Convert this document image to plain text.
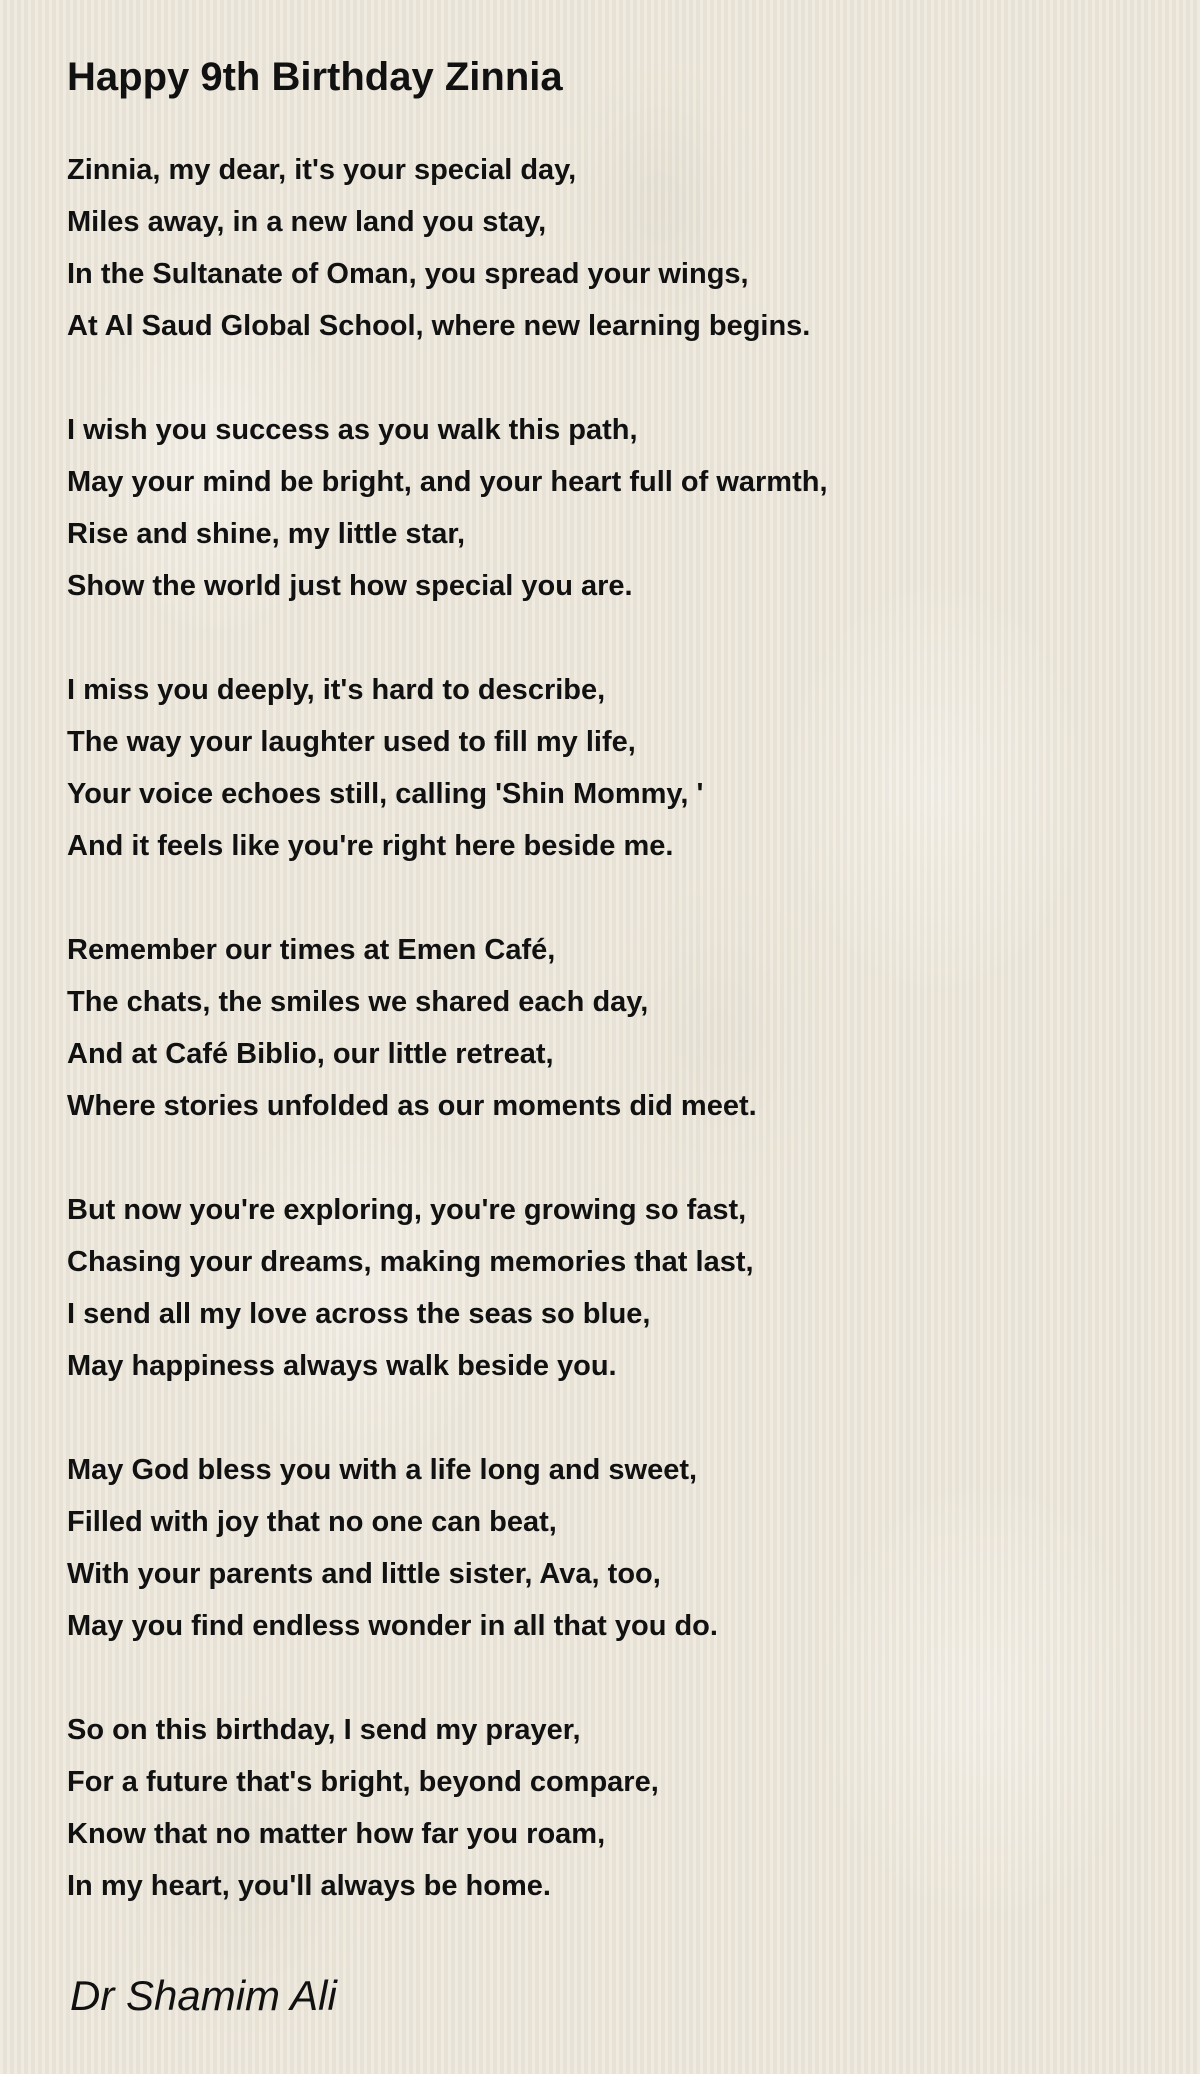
Happy 9th Birthday Zinnia
Zinnia, my dear, it's your special day,
Miles away, in a new land you stay,
In the Sultanate of Oman, you spread your wings,
At Al Saud Global School, where new learning begins.
I wish you success as you walk this path,
May your mind be bright, and your heart full of warmth,
Rise and shine, my little star,
Show the world just how special you are.
I miss you deeply, it's hard to describe,
The way your laughter used to fill my life,
Your voice echoes still, calling 'Shin Mommy, '
And it feels like you're right here beside me.
Remember our times at Emen Café,
The chats, the smiles we shared each day,
And at Café Biblio, our little retreat,
Where stories unfolded as our moments did meet.
But now you're exploring, you're growing so fast,
Chasing your dreams, making memories that last,
I send all my love across the seas so blue,
May happiness always walk beside you.
May God bless you with a life long and sweet,
Filled with joy that no one can beat,
With your parents and little sister, Ava, too,
May you find endless wonder in all that you do.
So on this birthday, I send my prayer,
For a future that's bright, beyond compare,
Know that no matter how far you roam,
In my heart, you'll always be home.
Dr Shamim Ali
